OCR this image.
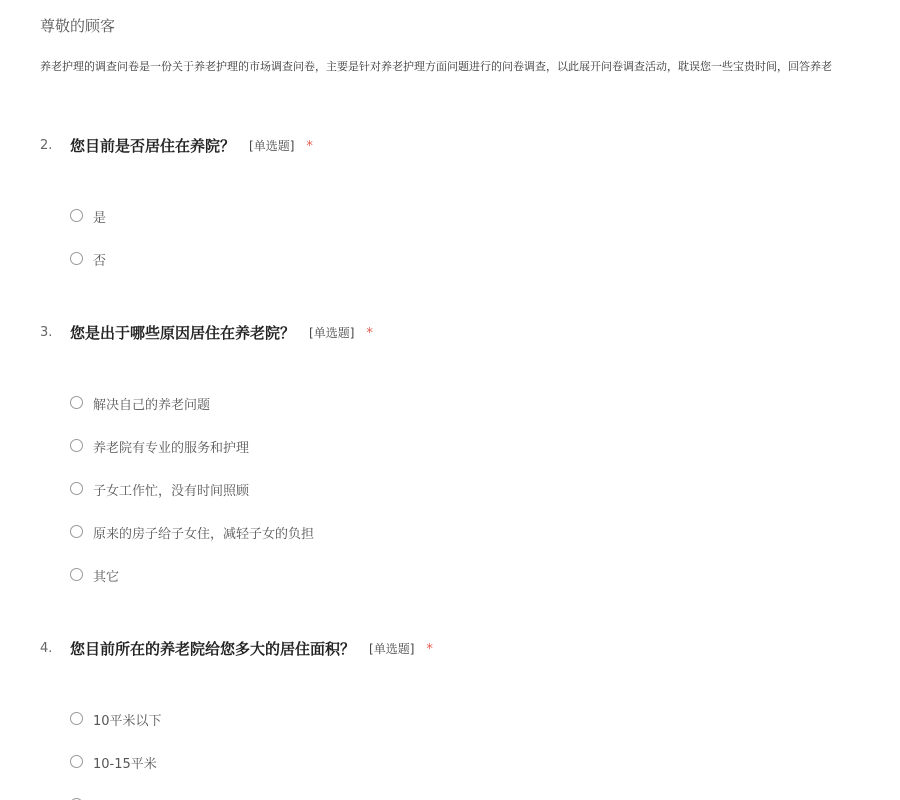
尊敬的顾客
养老护理的调查问卷是一份关于养老护理的市场调查问卷，主要是针对养老护理方面问题进行的问卷调查，以此展开问卷调查活动，耽误您一些宝贵时间，回答养老
2. 您目前是否居住在养院？ [单选题] *
是
否
3. 您是出于哪些原因居住在养老院？ [单选题] *
解决自己的养老问题
养老院有专业的服务和护理
子女工作忙，没有时间照顾
原来的房子给子女住，减轻子女的负担
其它
4. 您目前所在的养老院给您多大的居住面积？ [单选题] *
10平米以下
10-15平米
